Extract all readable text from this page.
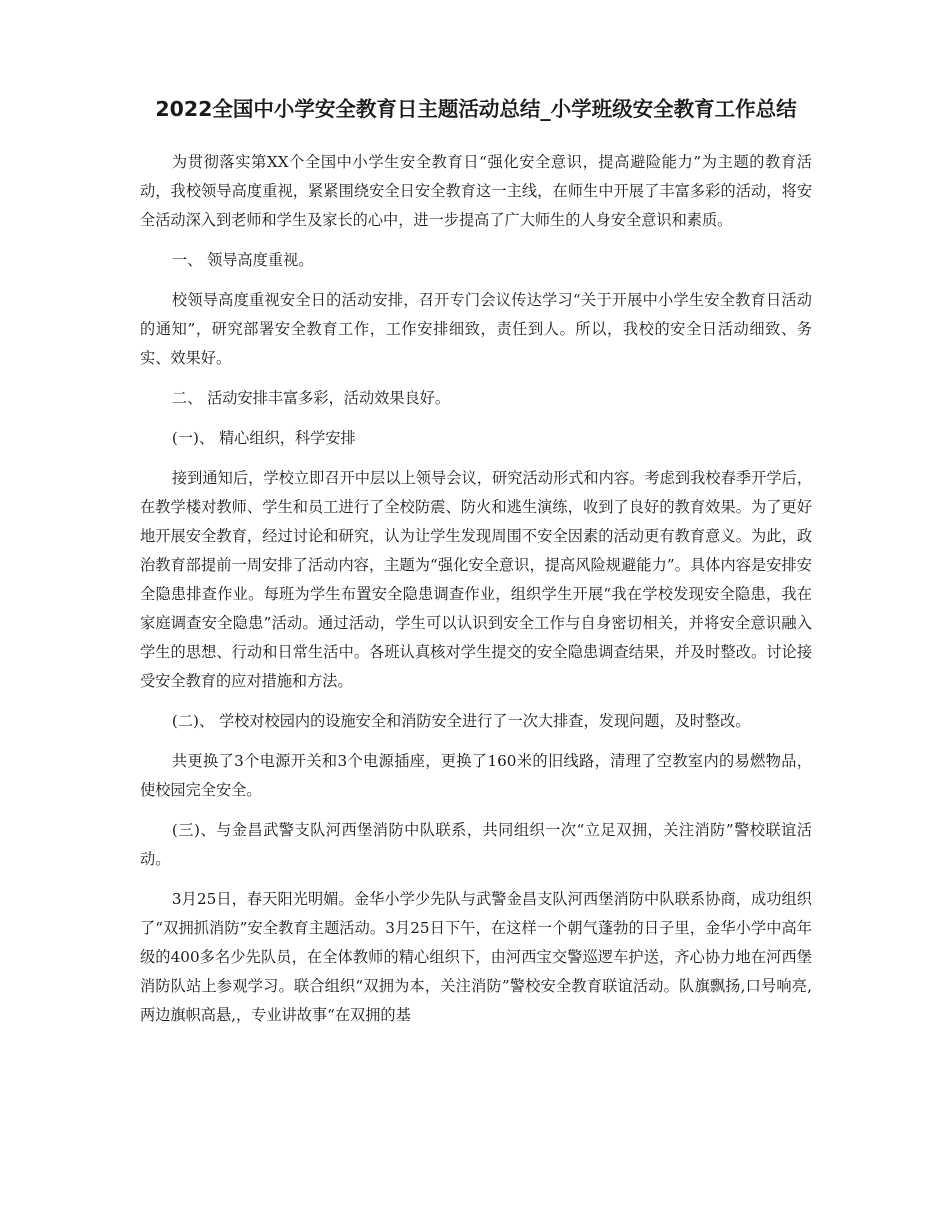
2022全国中小学安全教育日主题活动总结_小学班级安全教育工作总结

为贯彻落实第XX个全国中小学生安全教育日“强化安全意识，提高避险能力”为主题的教育活动，我校领导高度重视，紧紧围绕安全日安全教育这一主线，在师生中开展了丰富多彩的活动，将安全活动深入到老师和学生及家长的心中，进一步提高了广大师生的人身安全意识和素质。

一、 领导高度重视。

校领导高度重视安全日的活动安排，召开专门会议传达学习“关于开展中小学生安全教育日活动的通知”，研究部署安全教育工作，工作安排细致，责任到人。所以，我校的安全日活动细致、务实、效果好。

二、 活动安排丰富多彩，活动效果良好。

(一)、 精心组织，科学安排

接到通知后，学校立即召开中层以上领导会议，研究活动形式和内容。考虑到我校春季开学后，在教学楼对教师、学生和员工进行了全校防震、防火和逃生演练，收到了良好的教育效果。为了更好地开展安全教育，经过讨论和研究，认为让学生发现周围不安全因素的活动更有教育意义。为此，政治教育部提前一周安排了活动内容，主题为“强化安全意识，提高风险规避能力”。具体内容是安排安全隐患排查作业。每班为学生布置安全隐患调查作业，组织学生开展“我在学校发现安全隐患，我在家庭调查安全隐患”活动。通过活动，学生可以认识到安全工作与自身密切相关，并将安全意识融入学生的思想、行动和日常生活中。各班认真核对学生提交的安全隐患调查结果，并及时整改。讨论接受安全教育的应对措施和方法。

(二)、 学校对校园内的设施安全和消防安全进行了一次大排查，发现问题，及时整改。

共更换了3个电源开关和3个电源插座，更换了160米的旧线路，清理了空教室内的易燃物品，使校园完全安全。

(三)、与金昌武警支队河西堡消防中队联系，共同组织一次“立足双拥，关注消防”警校联谊活动。

3月25日，春天阳光明媚。金华小学少先队与武警金昌支队河西堡消防中队联系协商，成功组织了“双拥抓消防”安全教育主题活动。3月25日下午，在这样一个朝气蓬勃的日子里，金华小学中高年级的400多名少先队员，在全体教师的精心组织下，由河西宝交警巡逻车护送，齐心协力地在河西堡消防队站上参观学习。联合组织“双拥为本，关注消防”警校安全教育联谊活动。队旗飘扬,口号响亮,两边旗帜高悬,，专业讲故事“在双拥的基
